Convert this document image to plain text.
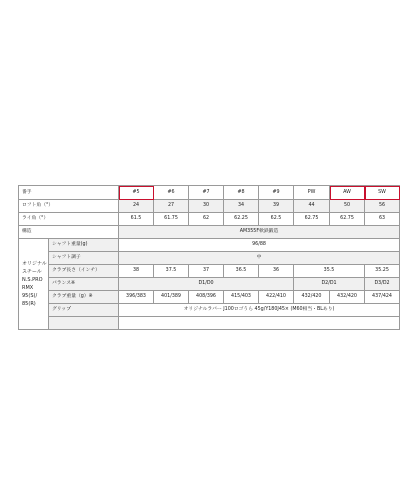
番手		#5	#6	#7	#8	#9	PW	AW	SW
ロフト角（°）		24	27	30	34	39	44	50	56
ライ角（°）		61.5	61.75	62	62.25	62.5	62.75	62.75	63
構造		AM355F軟鉄鍛造							
オリジナルスチール N.S.PRO RMX 95(S)/ 85(R)	シャフト重量(g)	96/88							
	シャフト調子	中							
	クラブ長さ（インチ）	38	37.5	37	36.5	36	35.5		35.25
	バランス※	D1/D0					D2/D1		D3/D2
	クラブ重量（g）※	396/383	401/389	408/396	415/403	422/410	432/420	432/420	437/424
	グリップ	オリジナルラバー J100ロゴうら 45g/Y180J45× (M60相当・BLあり)							
